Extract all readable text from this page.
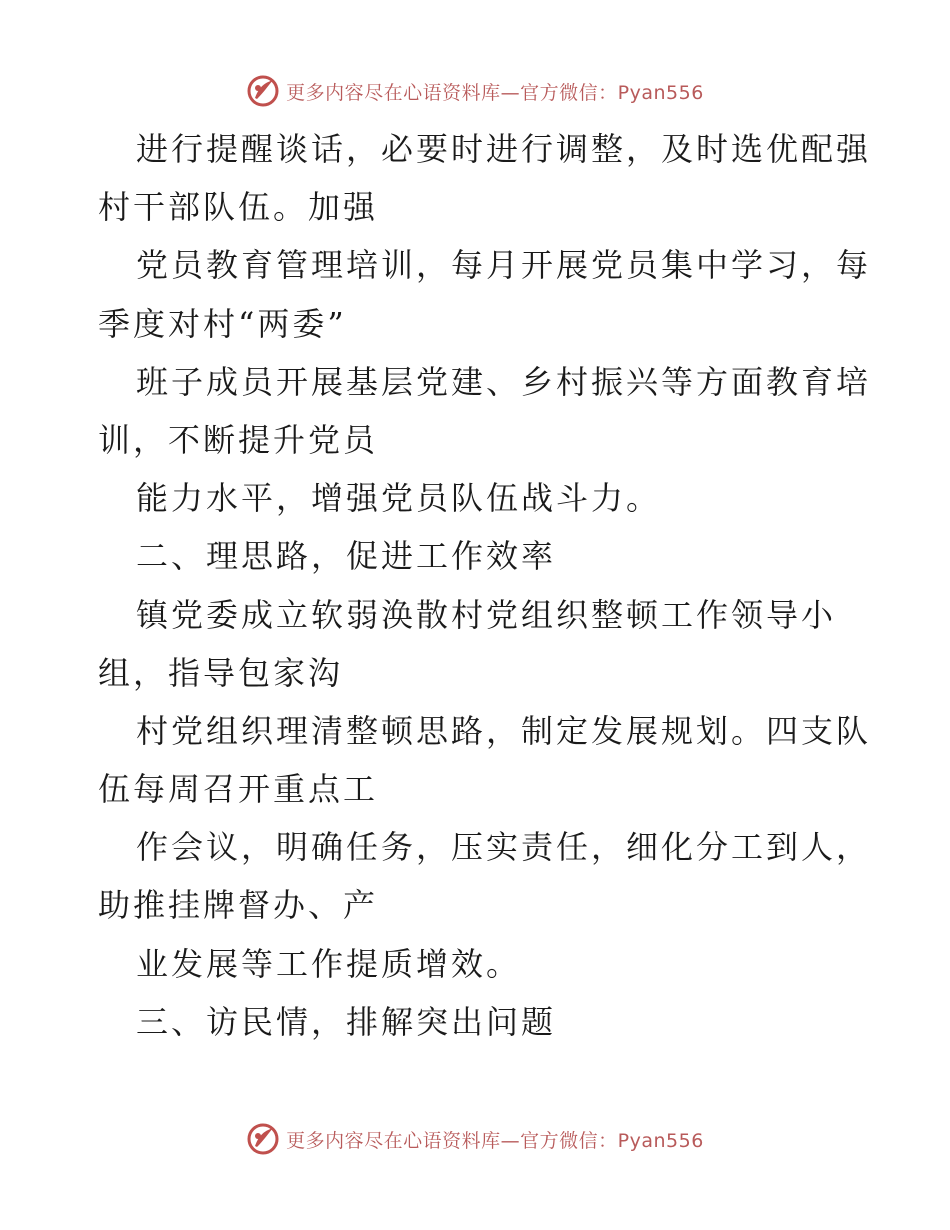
更多内容尽在心语资料库—官方微信：Pyan556
进行提醒谈话，必要时进行调整，及时选优配强
村干部队伍。加强
党员教育管理培训，每月开展党员集中学习，每
季度对村“两委”
班子成员开展基层党建、乡村振兴等方面教育培
训，不断提升党员
能力水平，增强党员队伍战斗力。
二、理思路，促进工作效率
镇党委成立软弱涣散村党组织整顿工作领导小
组，指导包家沟
村党组织理清整顿思路，制定发展规划。四支队
伍每周召开重点工
作会议，明确任务，压实责任，细化分工到人，
助推挂牌督办、产
业发展等工作提质增效。
三、访民情，排解突出问题
更多内容尽在心语资料库—官方微信：Pyan556
